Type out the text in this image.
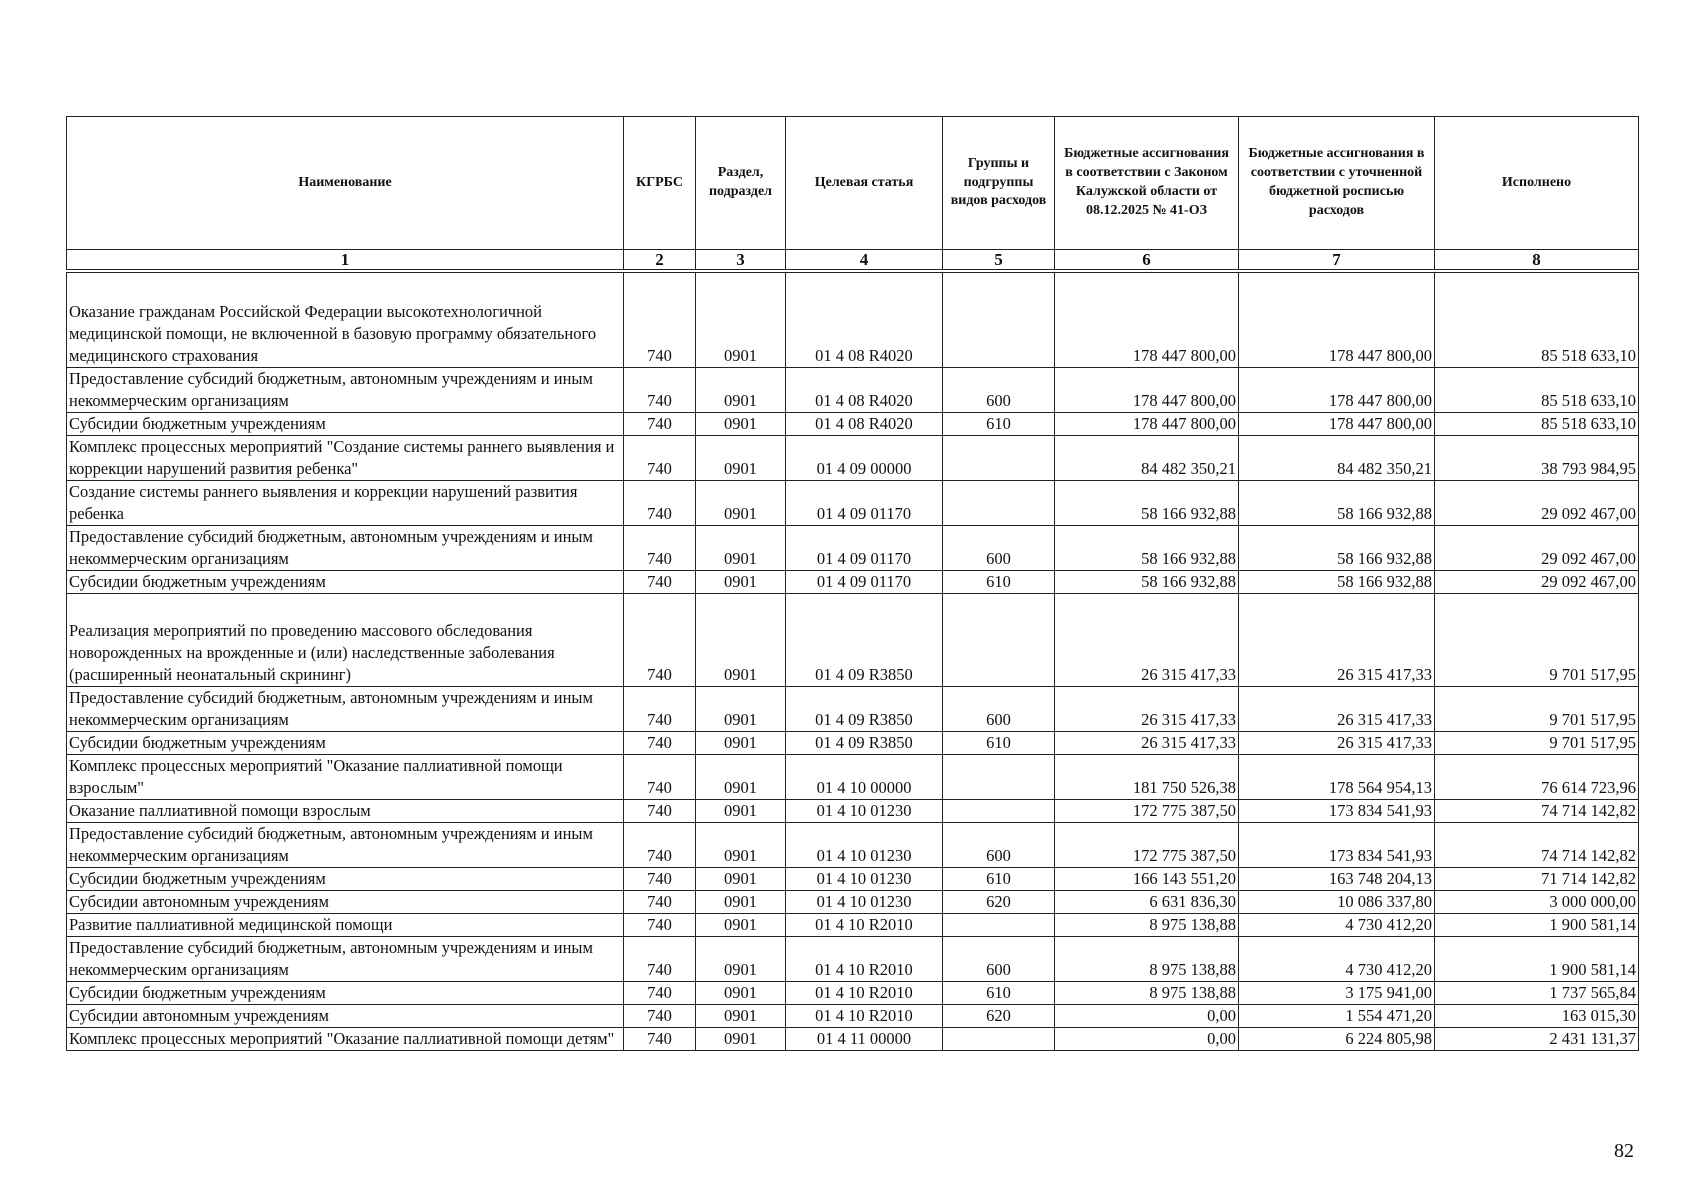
Наименование	КГРБС	Раздел, подраздел	Целевая статья	Группы и подгруппы видов расходов	Бюджетные ассигнования в соответствии с Законом Калужской области от 08.12.2025 № 41-ОЗ	Бюджетные ассигнования в соответствии с уточненной бюджетной росписью расходов	Исполнено
1	2	3	4	5	6	7	8
Оказание гражданам Российской Федерации высокотехнологичной медицинской помощи, не включенной в базовую программу обязательного медицинского страхования	740	0901	01 4 08 R4020		178 447 800,00	178 447 800,00	85 518 633,10
Предоставление субсидий бюджетным, автономным учреждениям и иным некоммерческим организациям	740	0901	01 4 08 R4020	600	178 447 800,00	178 447 800,00	85 518 633,10
Субсидии бюджетным учреждениям	740	0901	01 4 08 R4020	610	178 447 800,00	178 447 800,00	85 518 633,10
Комплекс процессных мероприятий "Создание системы раннего выявления и коррекции нарушений развития ребенка"	740	0901	01 4 09 00000		84 482 350,21	84 482 350,21	38 793 984,95
Создание системы раннего выявления и коррекции нарушений развития ребенка	740	0901	01 4 09 01170		58 166 932,88	58 166 932,88	29 092 467,00
Предоставление субсидий бюджетным, автономным учреждениям и иным некоммерческим организациям	740	0901	01 4 09 01170	600	58 166 932,88	58 166 932,88	29 092 467,00
Субсидии бюджетным учреждениям	740	0901	01 4 09 01170	610	58 166 932,88	58 166 932,88	29 092 467,00
Реализация мероприятий по проведению массового обследования новорожденных на врожденные и (или) наследственные заболевания (расширенный неонатальный скрининг)	740	0901	01 4 09 R3850		26 315 417,33	26 315 417,33	9 701 517,95
Предоставление субсидий бюджетным, автономным учреждениям и иным некоммерческим организациям	740	0901	01 4 09 R3850	600	26 315 417,33	26 315 417,33	9 701 517,95
Субсидии бюджетным учреждениям	740	0901	01 4 09 R3850	610	26 315 417,33	26 315 417,33	9 701 517,95
Комплекс процессных мероприятий "Оказание паллиативной помощи взрослым"	740	0901	01 4 10 00000		181 750 526,38	178 564 954,13	76 614 723,96
Оказание паллиативной помощи взрослым	740	0901	01 4 10 01230		172 775 387,50	173 834 541,93	74 714 142,82
Предоставление субсидий бюджетным, автономным учреждениям и иным некоммерческим организациям	740	0901	01 4 10 01230	600	172 775 387,50	173 834 541,93	74 714 142,82
Субсидии бюджетным учреждениям	740	0901	01 4 10 01230	610	166 143 551,20	163 748 204,13	71 714 142,82
Субсидии автономным учреждениям	740	0901	01 4 10 01230	620	6 631 836,30	10 086 337,80	3 000 000,00
Развитие паллиативной медицинской помощи	740	0901	01 4 10 R2010		8 975 138,88	4 730 412,20	1 900 581,14
Предоставление субсидий бюджетным, автономным учреждениям и иным некоммерческим организациям	740	0901	01 4 10 R2010	600	8 975 138,88	4 730 412,20	1 900 581,14
Субсидии бюджетным учреждениям	740	0901	01 4 10 R2010	610	8 975 138,88	3 175 941,00	1 737 565,84
Субсидии автономным учреждениям	740	0901	01 4 10 R2010	620	0,00	1 554 471,20	163 015,30
Комплекс процессных мероприятий "Оказание паллиативной помощи детям"	740	0901	01 4 11 00000		0,00	6 224 805,98	2 431 131,37
82
